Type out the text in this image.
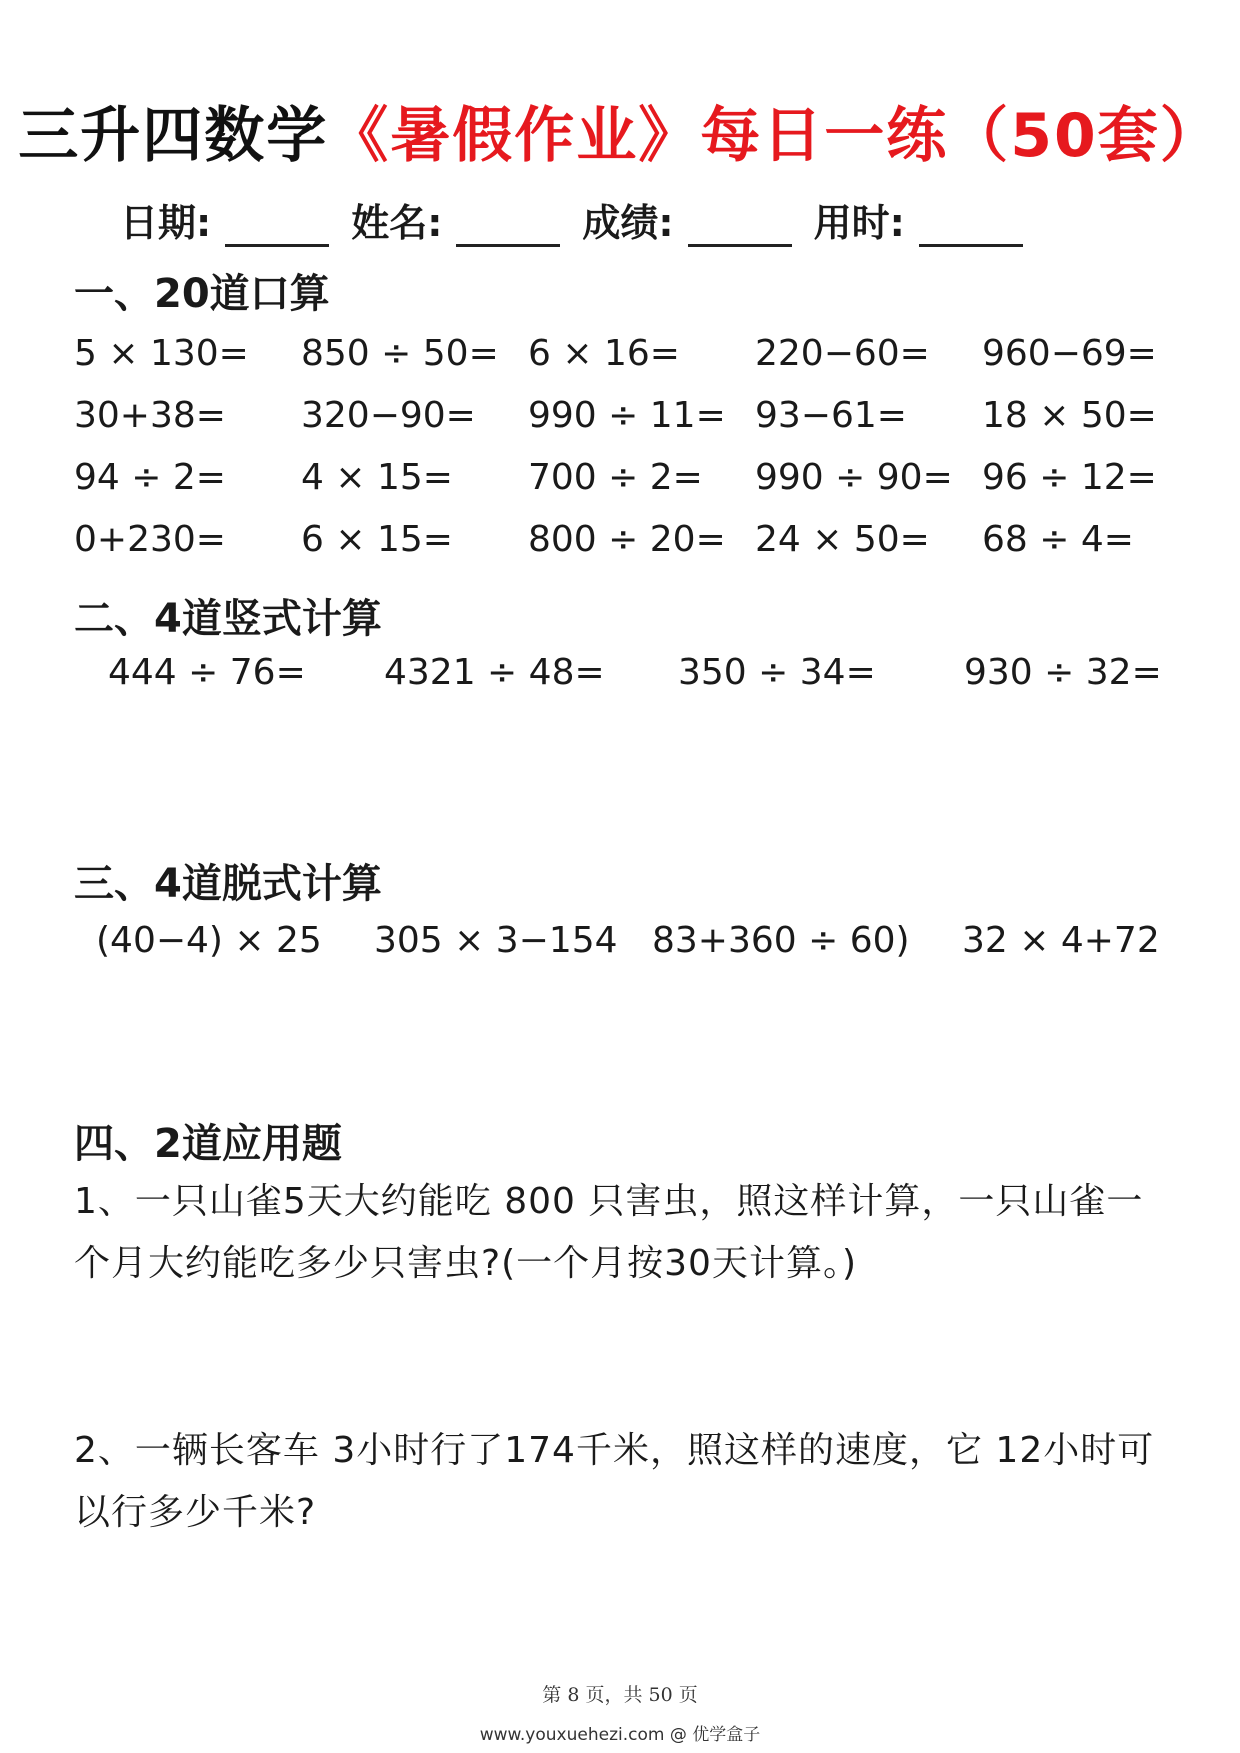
三升四数学《暑假作业》每日一练（50套）
日期:	姓名:	成绩:	用时:
一、20道口算
5 × 130=	850 ÷ 50= 6 × 16=	220−60=	960−69=
30+38=	320−90=	990 ÷ 11= 93−61=	18 × 50=
94 ÷ 2=	4 × 15=	700 ÷ 2=	990 ÷ 90= 96 ÷ 12=
0+230=	6 × 15=	800 ÷ 20= 24 × 50=	68 ÷ 4=
二、4道竖式计算
444 ÷ 76= 4321 ÷ 48= 350 ÷ 34= 930 ÷ 32=
三、4道脱式计算
(40−4) × 25 305 × 3−154 83+360 ÷ 60) 32 × 4+72
四、2道应用题
1、一只山雀5天大约能吃 800 只害虫，照这样计算，一只山雀一个月大约能吃多少只害虫?(一个月按30天计算。)
2、一辆长客车 3小时行了174千米，照这样的速度，它 12小时可以行多少千米?
第 8 页，共 50 页
www.youxuehezi.com @ 优学盒子
